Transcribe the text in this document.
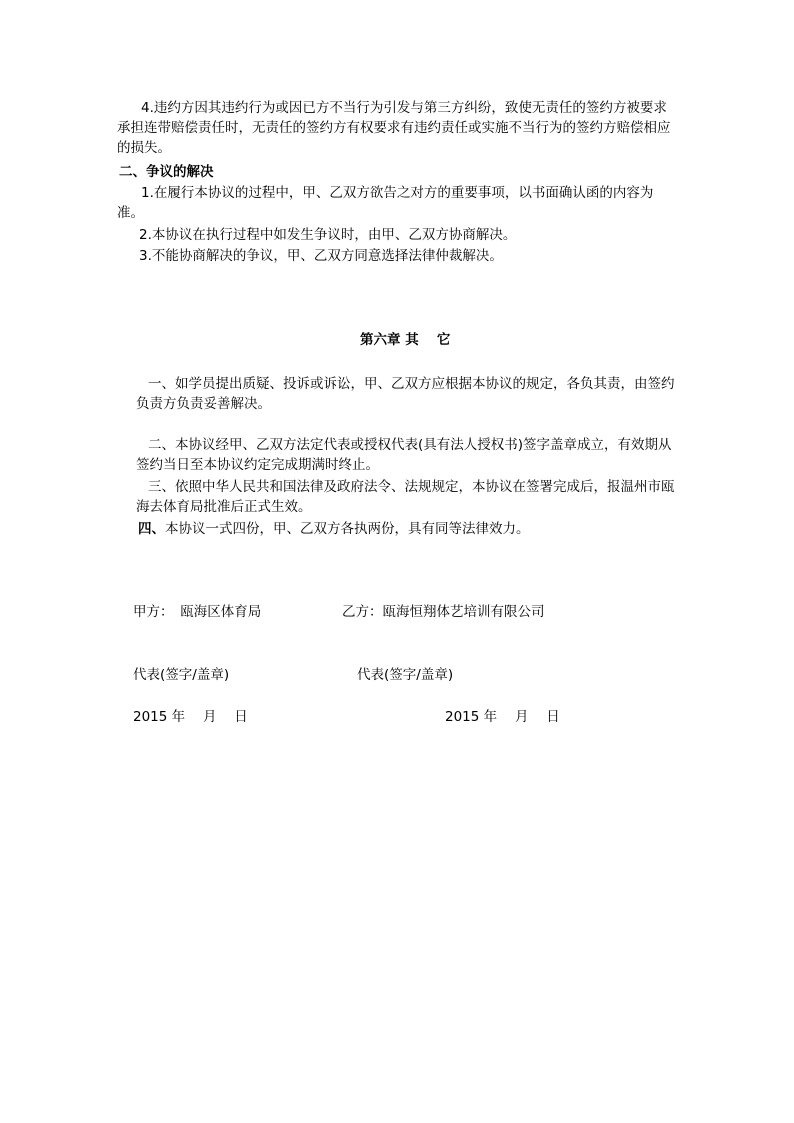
4.违约方因其违约行为或因已方不当行为引发与第三方纠纷，致使无责任的签约方被要求承担连带赔偿责任时，无责任的签约方有权要求有违约责任或实施不当行为的签约方赔偿相应的损失。

二、争议的解决

1.在履行本协议的过程中，甲、乙双方欲告之对方的重要事项，以书面确认函的内容为准。

2.本协议在执行过程中如发生争议时，由甲、乙双方协商解决。

3.不能协商解决的争议，甲、乙双方同意选择法律仲裁解决。

第六章 其　 它

一、如学员提出质疑、投诉或诉讼，甲、乙双方应根据本协议的规定，各负其责，由签约负责方负责妥善解决。

二、本协议经甲、乙双方法定代表或授权代表(具有法人授权书)签字盖章成立，有效期从签约当日至本协议约定完成期满时终止。

三、依照中华人民共和国法律及政府法令、法规规定，本协议在签署完成后，报温州市瓯海去体育局批准后正式生效。

四、本协议一式四份，甲、乙双方各执两份，具有同等法律效力。

甲方：　瓯海区体育局	乙方：瓯海恒翔体艺培训有限公司

代表(签字/盖章)	代表(签字/盖章)

2015 年　 月　 日	2015 年　 月　 日
